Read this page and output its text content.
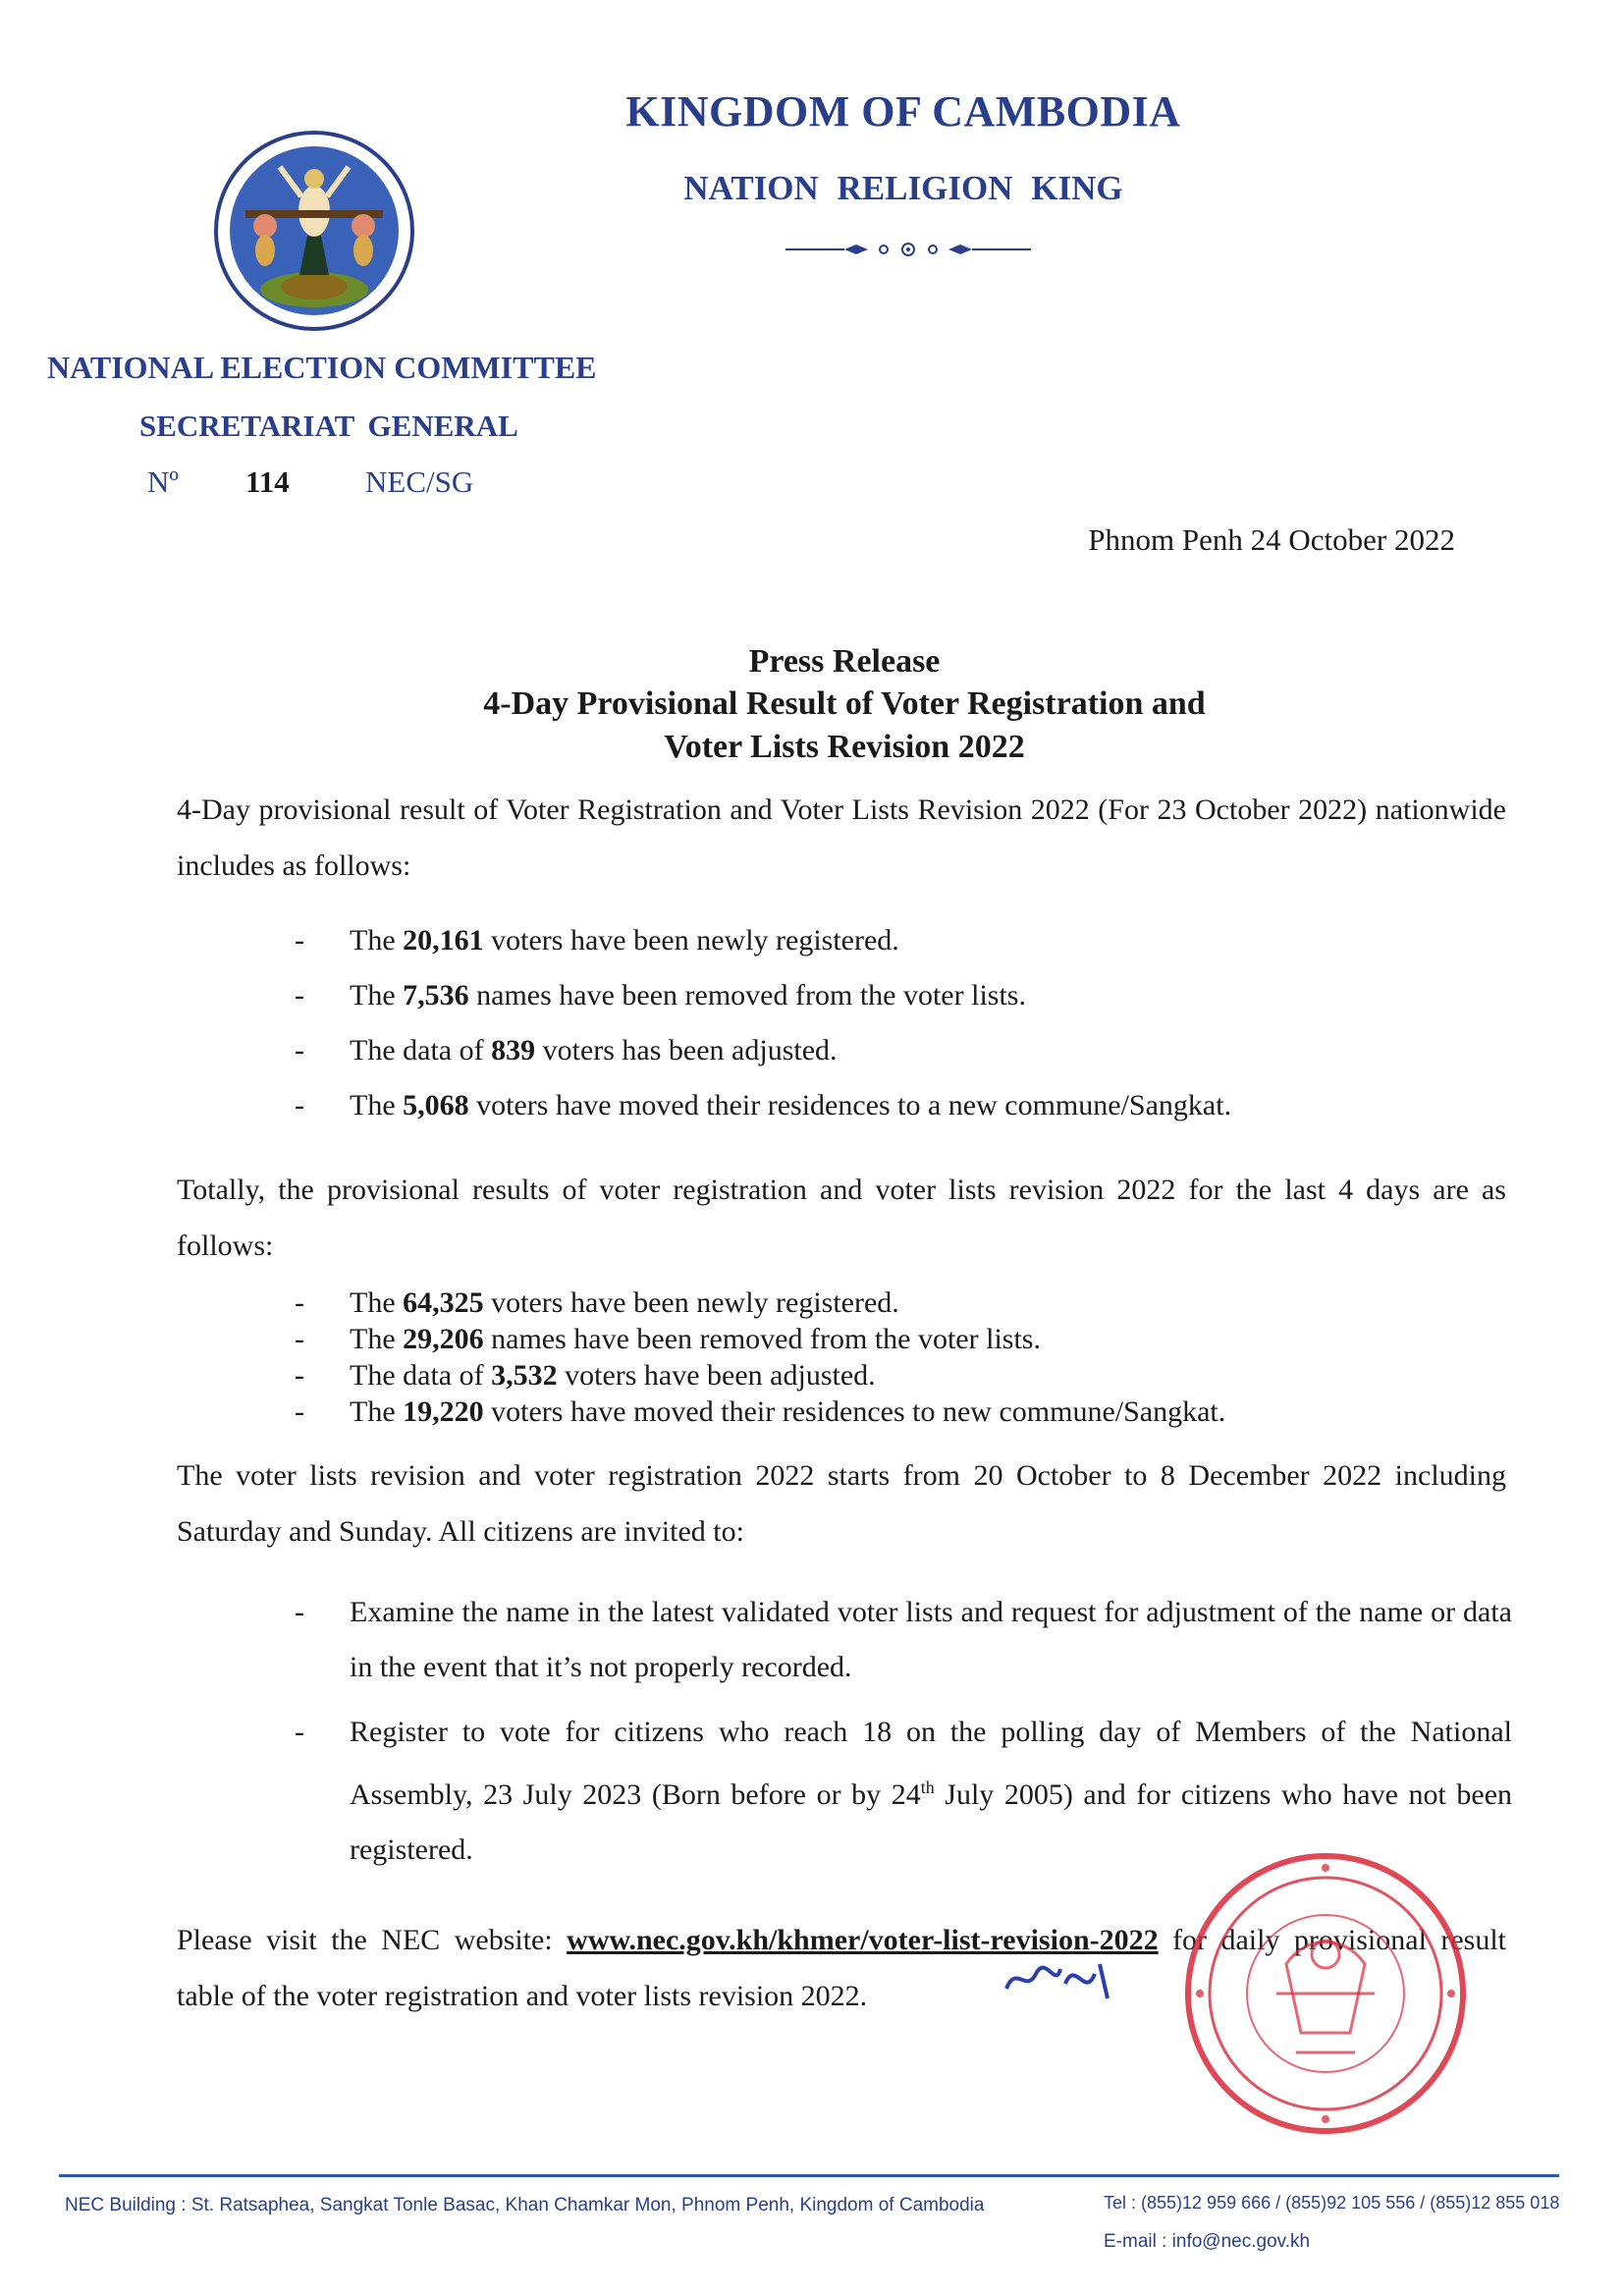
KINGDOM OF CAMBODIA
NATION RELIGION KING
NATIONAL ELECTION COMMITTEE
SECRETARIAT GENERAL
Nº 114 NEC/SG
Phnom Penh 24 October 2022
Press Release
4-Day Provisional Result of Voter Registration and
Voter Lists Revision 2022
4-Day provisional result of Voter Registration and Voter Lists Revision 2022 (For 23 October 2022) nationwide includes as follows:
- The 20,161 voters have been newly registered.
- The 7,536 names have been removed from the voter lists.
- The data of 839 voters has been adjusted.
- The 5,068 voters have moved their residences to a new commune/Sangkat.
Totally, the provisional results of voter registration and voter lists revision 2022 for the last 4 days are as follows:
- The 64,325 voters have been newly registered.
- The 29,206 names have been removed from the voter lists.
- The data of 3,532 voters have been adjusted.
- The 19,220 voters have moved their residences to new commune/Sangkat.
The voter lists revision and voter registration 2022 starts from 20 October to 8 December 2022 including Saturday and Sunday. All citizens are invited to:
- Examine the name in the latest validated voter lists and request for adjustment of the name or data in the event that it’s not properly recorded.
- Register to vote for citizens who reach 18 on the polling day of Members of the National Assembly, 23 July 2023 (Born before or by 24th July 2005) and for citizens who have not been registered.
Please visit the NEC website: www.nec.gov.kh/khmer/voter-list-revision-2022 for daily provisional result table of the voter registration and voter lists revision 2022.
NEC Building : St. Ratsaphea, Sangkat Tonle Basac, Khan Chamkar Mon, Phnom Penh, Kingdom of Cambodia	Tel : (855)12 959 666 / (855)92 105 556 / (855)12 855 018
E-mail : info@nec.gov.kh
